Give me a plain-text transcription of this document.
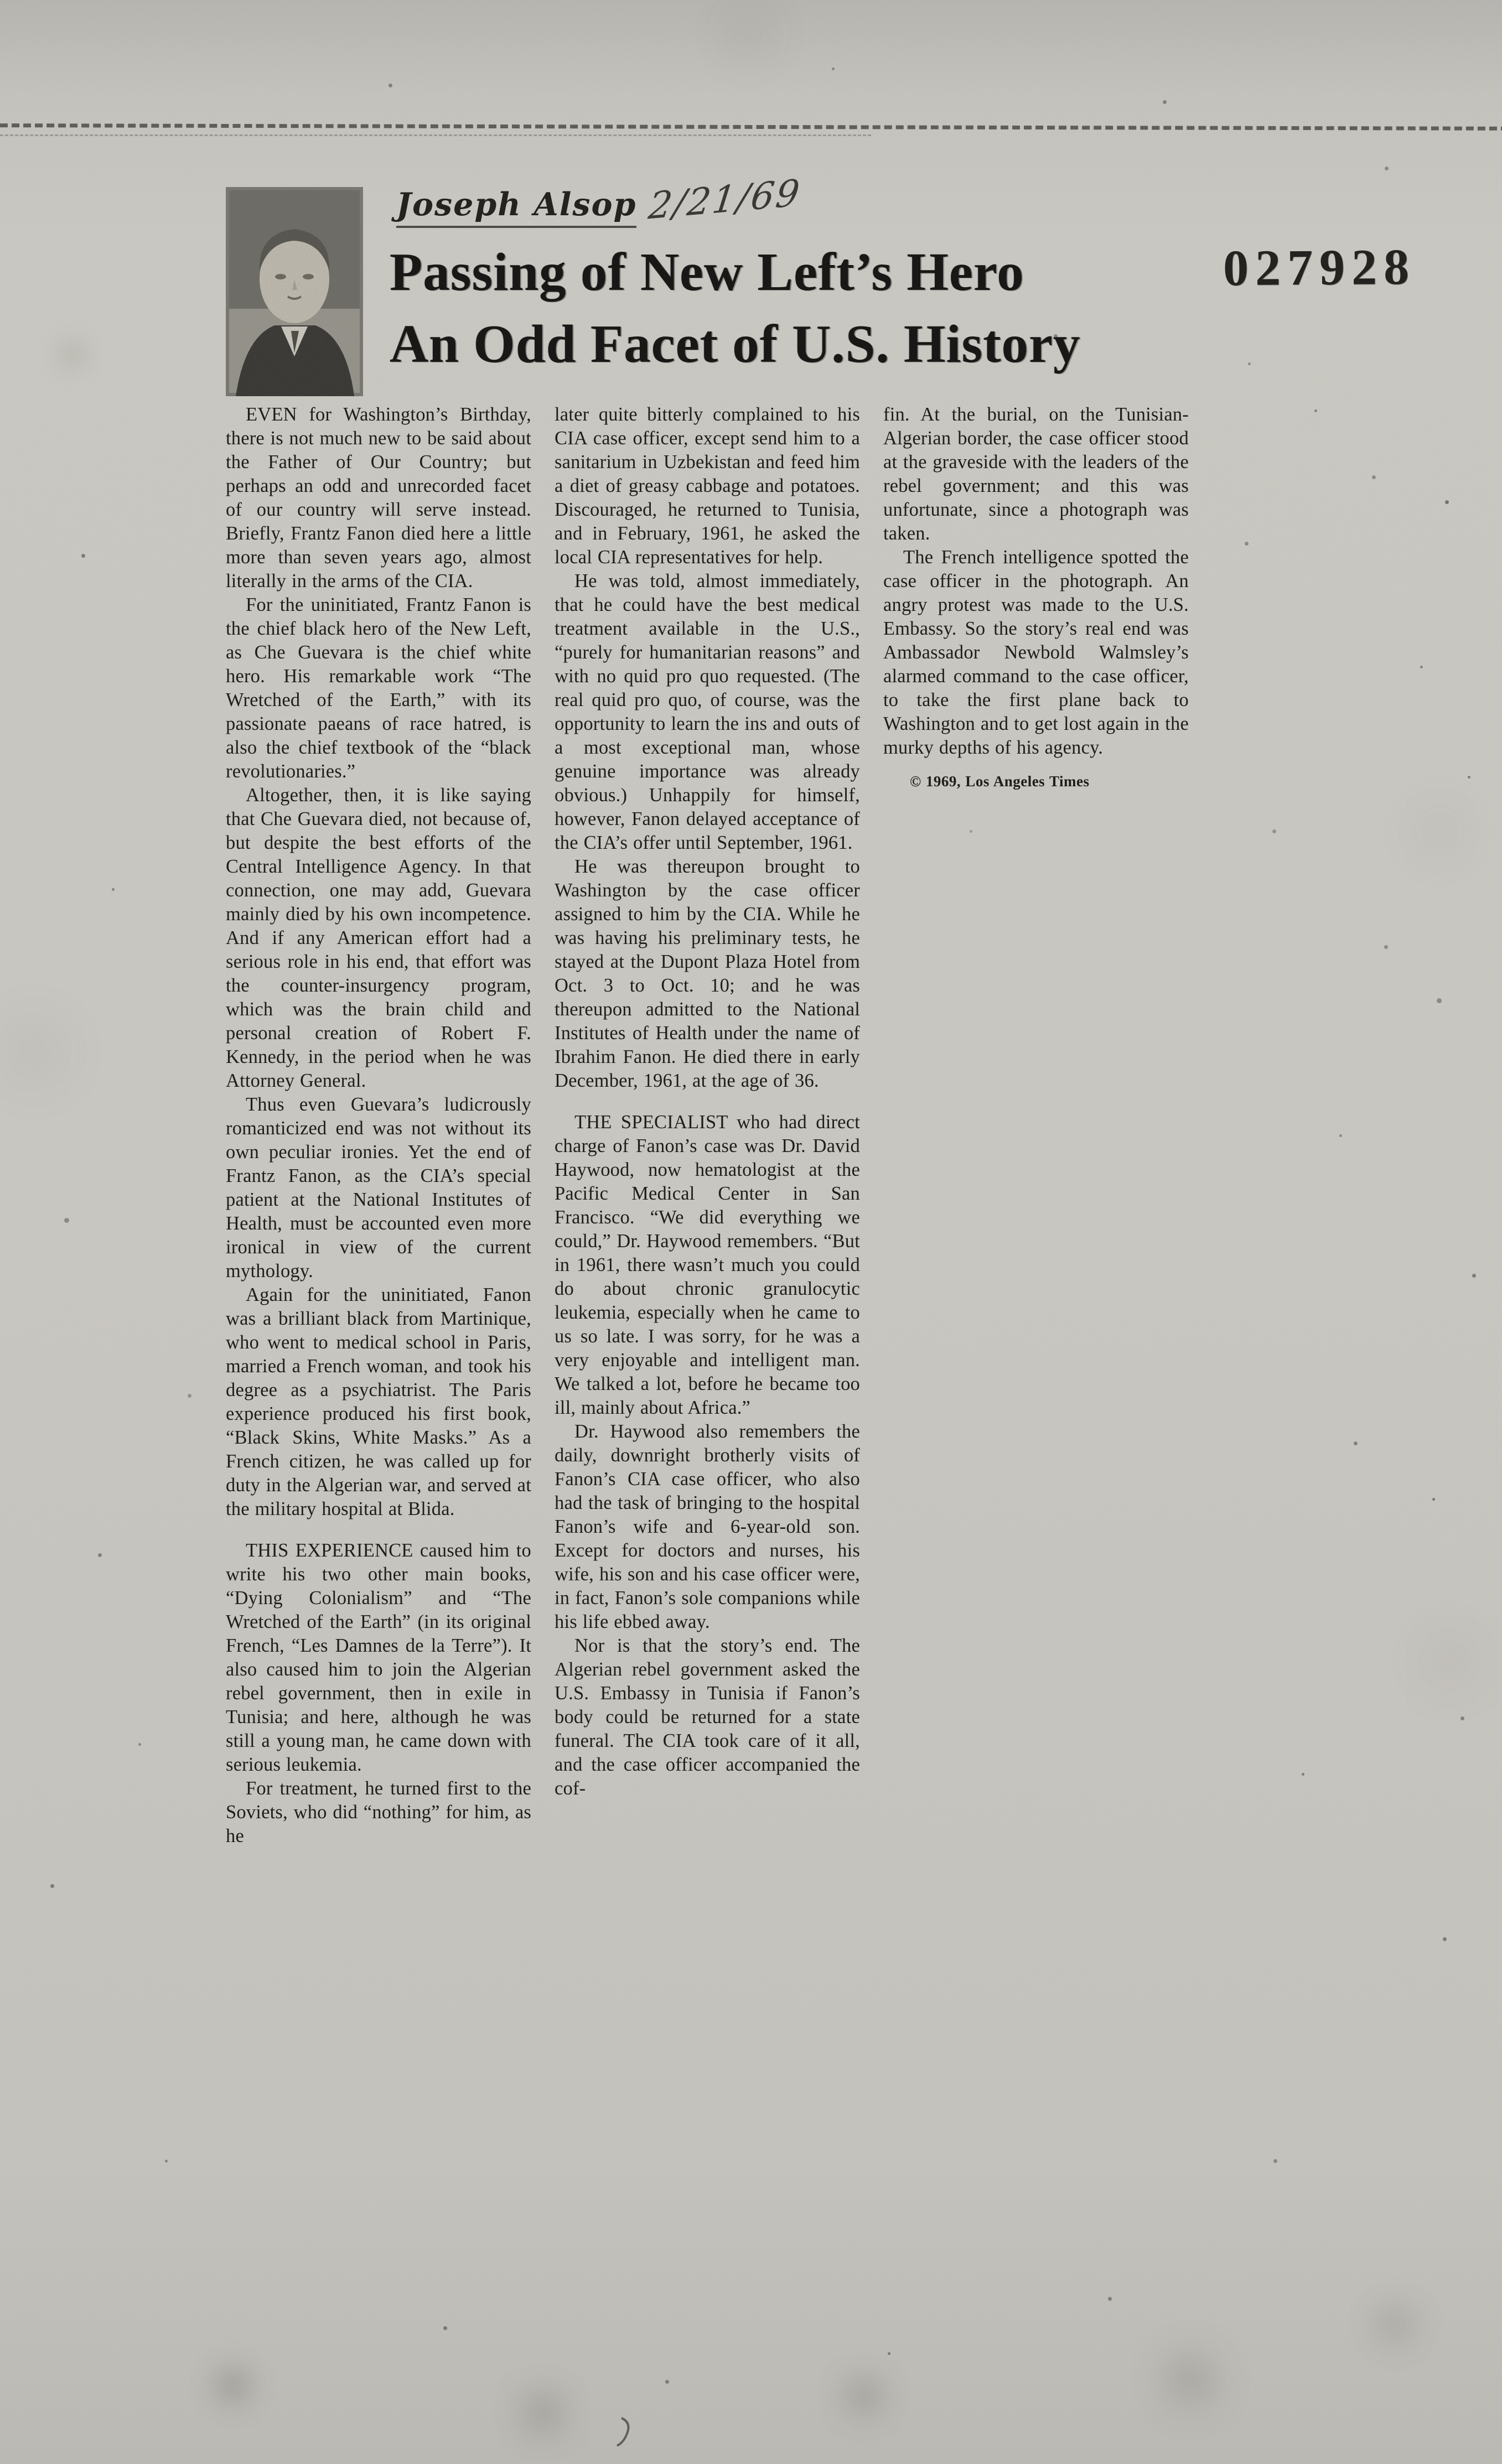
Joseph Alsop 2/21/69
Passing of New Left’s Hero
An Odd Facet of U.S. History
027928

EVEN for Washington’s Birthday, there is not much new to be said about the Father of Our Country; but perhaps an odd and unrecorded facet of our country will serve instead. Briefly, Frantz Fanon died here a little more than seven years ago, almost literally in the arms of the CIA.

For the uninitiated, Frantz Fanon is the chief black hero of the New Left, as Che Guevara is the chief white hero. His remarkable work “The Wretched of the Earth,” with its passionate paeans of race hatred, is also the chief textbook of the “black revolutionaries.”

Altogether, then, it is like saying that Che Guevara died, not because of, but despite the best efforts of the Central Intelligence Agency. In that connection, one may add, Guevara mainly died by his own incompetence. And if any American effort had a serious role in his end, that effort was the counter-insurgency program, which was the brain child and personal creation of Robert F. Kennedy, in the period when he was Attorney General.

Thus even Guevara’s ludicrously romanticized end was not without its own peculiar ironies. Yet the end of Frantz Fanon, as the CIA’s special patient at the National Institutes of Health, must be accounted even more ironical in view of the current mythology.

Again for the uninitiated, Fanon was a brilliant black from Martinique, who went to medical school in Paris, married a French woman, and took his degree as a psychiatrist. The Paris experience produced his first book, “Black Skins, White Masks.” As a French citizen, he was called up for duty in the Algerian war, and served at the military hospital at Blida.

THIS EXPERIENCE caused him to write his two other main books, “Dying Colonialism” and “The Wretched of the Earth” (in its original French, “Les Damnes de la Terre”). It also caused him to join the Algerian rebel government, then in exile in Tunisia; and here, although he was still a young man, he came down with serious leukemia.

For treatment, he turned first to the Soviets, who did “nothing” for him, as he

later quite bitterly complained to his CIA case officer, except send him to a sanitarium in Uzbekistan and feed him a diet of greasy cabbage and potatoes. Discouraged, he returned to Tunisia, and in February, 1961, he asked the local CIA representatives for help.

He was told, almost immediately, that he could have the best medical treatment available in the U.S., “purely for humanitarian reasons” and with no quid pro quo requested. (The real quid pro quo, of course, was the opportunity to learn the ins and outs of a most exceptional man, whose genuine importance was already obvious.) Unhappily for himself, however, Fanon delayed acceptance of the CIA’s offer until September, 1961.

He was thereupon brought to Washington by the case officer assigned to him by the CIA. While he was having his preliminary tests, he stayed at the Dupont Plaza Hotel from Oct. 3 to Oct. 10; and he was thereupon admitted to the National Institutes of Health under the name of Ibrahim Fanon. He died there in early December, 1961, at the age of 36.

THE SPECIALIST who had direct charge of Fanon’s case was Dr. David Haywood, now hematologist at the Pacific Medical Center in San Francisco. “We did everything we could,” Dr. Haywood remembers. “But in 1961, there wasn’t much you could do about chronic granulocytic leukemia, especially when he came to us so late. I was sorry, for he was a very enjoyable and intelligent man. We talked a lot, before he became too ill, mainly about Africa.”

Dr. Haywood also remembers the daily, downright brotherly visits of Fanon’s CIA case officer, who also had the task of bringing to the hospital Fanon’s wife and 6-year-old son. Except for doctors and nurses, his wife, his son and his case officer were, in fact, Fanon’s sole companions while his life ebbed away.

Nor is that the story’s end. The Algerian rebel government asked the U.S. Embassy in Tunisia if Fanon’s body could be returned for a state funeral. The CIA took care of it all, and the case officer accompanied the cof-

fin. At the burial, on the Tunisian-Algerian border, the case officer stood at the graveside with the leaders of the rebel government; and this was unfortunate, since a photograph was taken.

The French intelligence spotted the case officer in the photograph. An angry protest was made to the U.S. Embassy. So the story’s real end was Ambassador Newbold Walmsley’s alarmed command to the case officer, to take the first plane back to Washington and to get lost again in the murky depths of his agency.

© 1969, Los Angeles Times
